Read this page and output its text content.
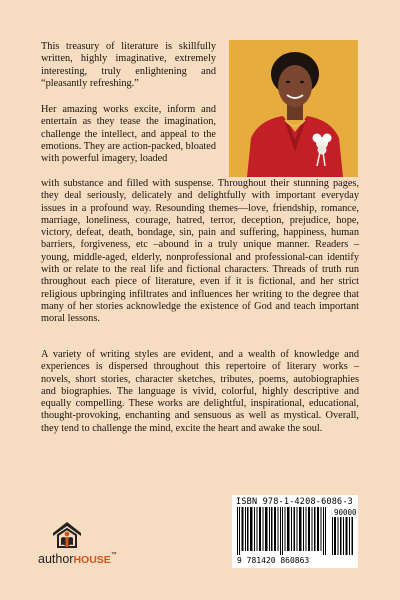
This treasury of literature is skillfully written, highly imaginative, extremely interesting, truly enlightening and “pleasantly refreshing.”

Her amazing works excite, inform and entertain as they tease the imagination, challenge the intellect, and appeal to the emotions. They are action-packed, bloated with powerful imagery, loaded

with substance and filled with suspense. Throughout their stunning pages, they deal seriously, delicately and delightfully with important everyday issues in a profound way. Resounding themes—love, friendship, romance, marriage, loneliness, courage, hatred, terror, deception, prejudice, hope, victory, defeat, death, bondage, sin, pain and suffering, happiness, human barriers, forgiveness, etc –abound in a truly unique manner. Readers – young, middle-aged, elderly, nonprofessional and professional-can identify with or relate to the real life and fictional characters. Threads of truth run throughout each piece of literature, even if it is fictional, and her strict religious upbringing infiltrates and influences her writing to the degree that many of her stories acknowledge the existence of God and teach important moral lessons.

A variety of writing styles are evident, and a wealth of knowledge and experiences is dispersed throughout this repertoire of literary works – novels, short stories, character sketches, tributes, poems, autobiographies and biographies. The language is vivid, colorful, highly descriptive and equally compelling. These works are delightful, inspirational, educational, thought-provoking, enchanting and sensuous as well as mystical. Overall, they tend to challenge the mind, excite the heart and awake the soul.

ISBN 978-1-4208-6086-3
90000
9 781420 860863
authorHOUSE™
